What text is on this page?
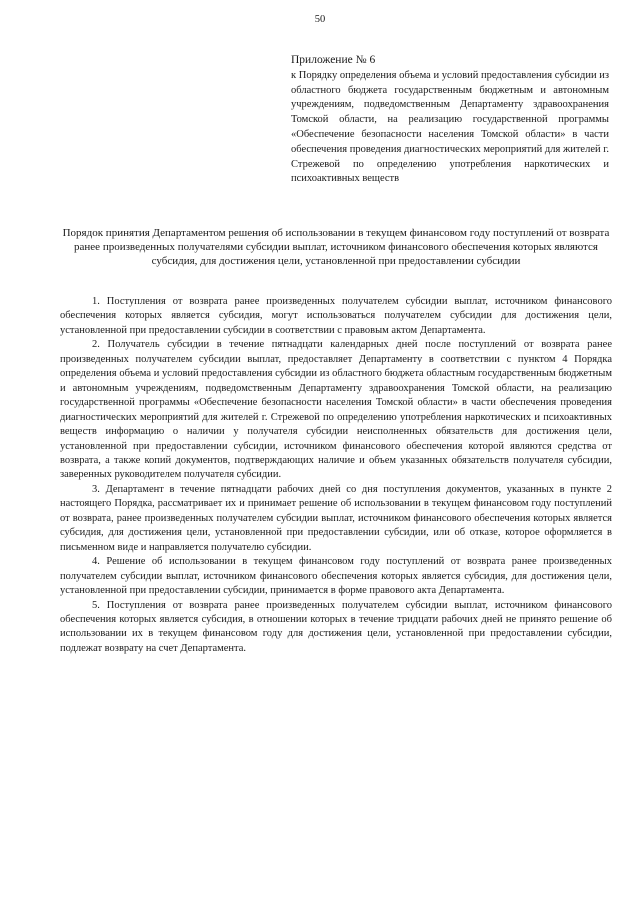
50

Приложение № 6

к Порядку определения объема и условий предоставления субсидии из областного бюджета государственным бюджетным и автономным учреждениям, подведомственным Департаменту здравоохранения Томской области, на реализацию государственной программы «Обеспечение безопасности населения Томской области» в части обеспечения проведения диагностических мероприятий для жителей г. Стрежевой по определению употребления наркотических и психоактивных веществ

Порядок принятия Департаментом решения об использовании в текущем финансовом году поступлений от возврата ранее произведенных получателями субсидии выплат, источником финансового обеспечения которых являются субсидия, для достижения цели, установленной при предоставлении субсидии

1. Поступления от возврата ранее произведенных получателем субсидии выплат, источником финансового обеспечения которых является субсидия, могут использоваться получателем субсидии для достижения цели, установленной при предоставлении субсидии в соответствии с правовым актом Департамента.

2. Получатель субсидии в течение пятнадцати календарных дней после поступлений от возврата ранее произведенных получателем субсидии выплат, предоставляет Департаменту в соответствии с пунктом 4 Порядка определения объема и условий предоставления субсидии из областного бюджета областным государственным бюджетным и автономным учреждениям, подведомственным Департаменту здравоохранения Томской области, на реализацию государственной программы «Обеспечение безопасности населения Томской области» в части обеспечения проведения диагностических мероприятий для жителей г. Стрежевой по определению употребления наркотических и психоактивных веществ информацию о наличии у получателя субсидии неисполненных обязательств для достижения цели, установленной при предоставлении субсидии, источником финансового обеспечения которой являются средства от возврата, а также копий документов, подтверждающих наличие и объем указанных обязательств получателя субсидии, заверенных руководителем получателя субсидии.

3. Департамент в течение пятнадцати рабочих дней со дня поступления документов, указанных в пункте 2 настоящего Порядка, рассматривает их и принимает решение об использовании в текущем финансовом году поступлений от возврата, ранее произведенных получателем субсидии выплат, источником финансового обеспечения которых является субсидия, для достижения цели, установленной при предоставлении субсидии, или об отказе, которое оформляется в письменном виде и направляется получателю субсидии.

4. Решение об использовании в текущем финансовом году поступлений от возврата ранее произведенных получателем субсидии выплат, источником финансового обеспечения которых является субсидия, для достижения цели, установленной при предоставлении субсидии, принимается в форме правового акта Департамента.

5. Поступления от возврата ранее произведенных получателем субсидии выплат, источником финансового обеспечения которых является субсидия, в отношении которых в течение тридцати рабочих дней не принято решение об использовании их в текущем финансовом году для достижения цели, установленной при предоставлении субсидии, подлежат возврату на счет Департамента.
